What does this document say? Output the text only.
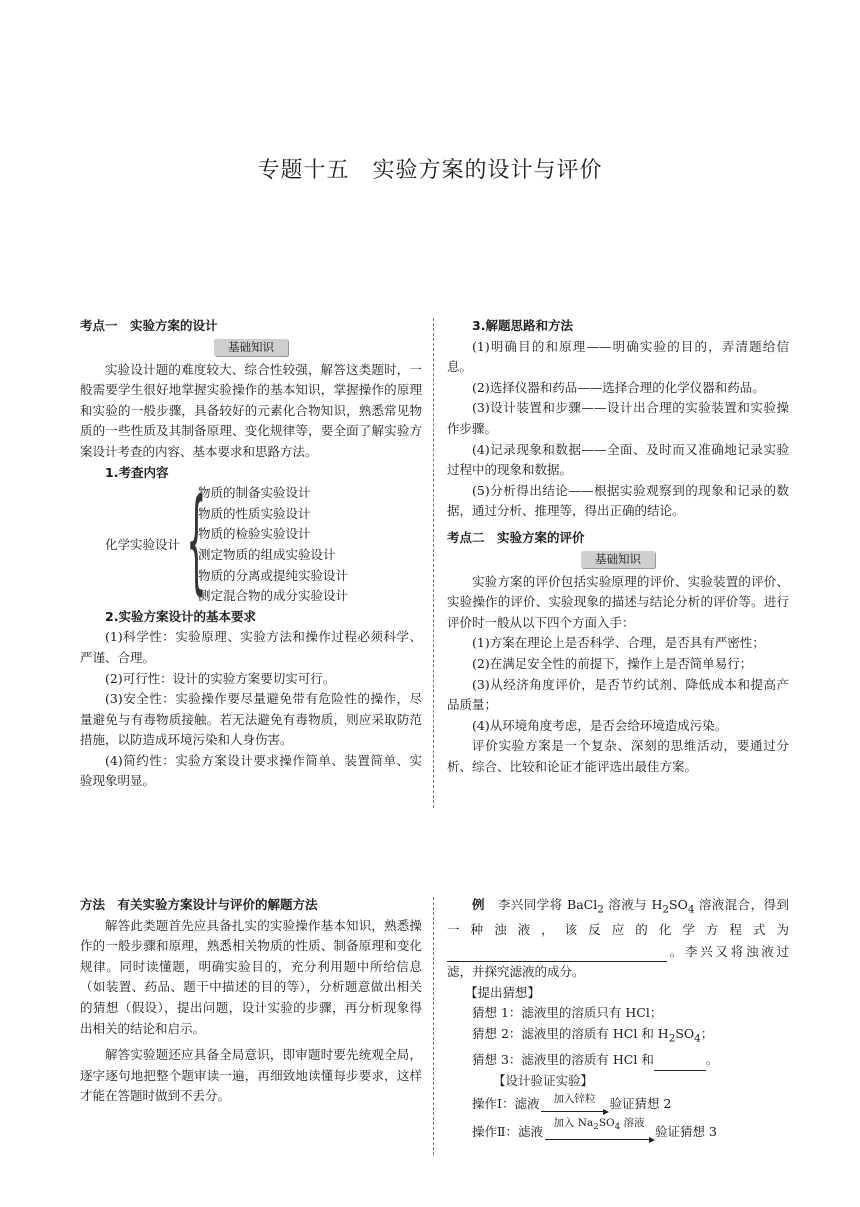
专题十五　实验方案的设计与评价

考点一　实验方案的设计

基础知识

实验设计题的难度较大、综合性较强，解答这类题时，一般需要学生很好地掌握实验操作的基本知识，掌握操作的原理和实验的一般步骤，具备较好的元素化合物知识，熟悉常见物质的一些性质及其制备原理、变化规律等，要全面了解实验方案设计考查的内容、基本要求和思路方法。

1.考查内容

化学实验设计 {

物质的制备实验设计

物质的性质实验设计

物质的检验实验设计

测定物质的组成实验设计

物质的分离或提纯实验设计

测定混合物的成分实验设计

2.实验方案设计的基本要求

(1)科学性：实验原理、实验方法和操作过程必须科学、严谨、合理。

(2)可行性：设计的实验方案要切实可行。

(3)安全性：实验操作要尽量避免带有危险性的操作，尽量避免与有毒物质接触。若无法避免有毒物质，则应采取防范措施，以防造成环境污染和人身伤害。

(4)简约性：实验方案设计要求操作简单、装置简单、实验现象明显。

3.解题思路和方法

(1)明确目的和原理——明确实验的目的，弄清题给信息。

(2)选择仪器和药品——选择合理的化学仪器和药品。

(3)设计装置和步骤——设计出合理的实验装置和实验操作步骤。

(4)记录现象和数据——全面、及时而又准确地记录实验过程中的现象和数据。

(5)分析得出结论——根据实验观察到的现象和记录的数据，通过分析、推理等，得出正确的结论。

考点二　实验方案的评价

基础知识

实验方案的评价包括实验原理的评价、实验装置的评价、实验操作的评价、实验现象的描述与结论分析的评价等。进行评价时一般从以下四个方面入手：

(1)方案在理论上是否科学、合理，是否具有严密性；

(2)在满足安全性的前提下，操作上是否简单易行；

(3)从经济角度评价，是否节约试剂、降低成本和提高产品质量；

(4)从环境角度考虑，是否会给环境造成污染。

评价实验方案是一个复杂、深刻的思维活动，要通过分析、综合、比较和论证才能评选出最佳方案。

方法　有关实验方案设计与评价的解题方法

解答此类题首先应具备扎实的实验操作基本知识，熟悉操作的一般步骤和原理，熟悉相关物质的性质、制备原理和变化规律。同时读懂题，明确实验目的，充分利用题中所给信息（如装置、药品、题干中描述的目的等），分析题意做出相关的猜想（假设），提出问题，设计实验的步骤，再分析现象得出相关的结论和启示。

解答实验题还应具备全局意识，即审题时要先统观全局，逐字逐句地把整个题审读一遍，再细致地读懂每步要求，这样才能在答题时做到不丢分。

例　 李兴同学将 BaCl$_2$ 溶液与 $H_2SO_4$ 溶液混合，得到一种浊液，该反应的化学方程式为  。李兴又将浊液过滤，并探究滤液的成分。

【提出猜想】

猜想 1：滤液里的溶质只有 HCl；

猜想 2：滤液里的溶质有 HCl 和 $H_2SO_4$；

猜想 3：滤液里的溶质有 HCl 和	。

【设计验证实验】

操作Ⅰ：滤液 加入锌粒 验证猜想 2

操作Ⅱ：滤液
加入 $Na_2SO_4$ 溶液
验证猜想 3
